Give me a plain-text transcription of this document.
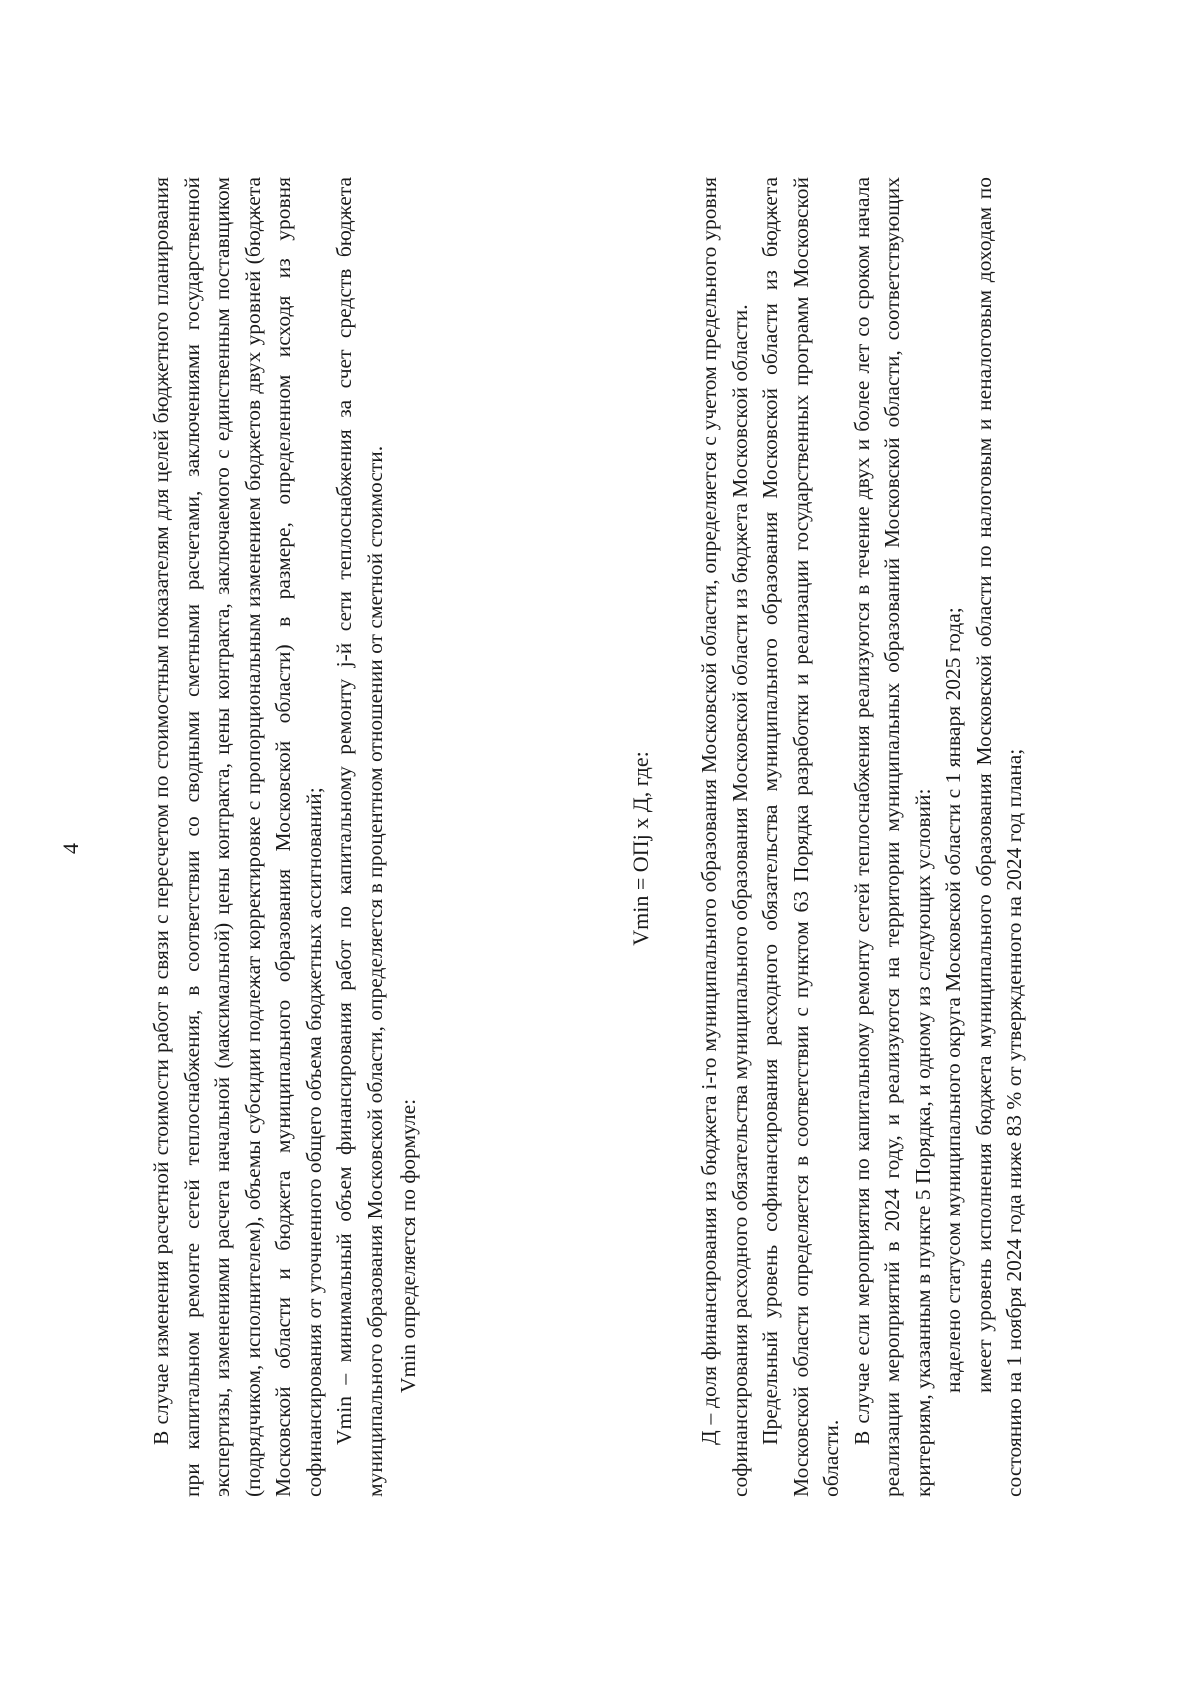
4	В случае изменения расчетной стоимости работ в связи с пересчетом по стоимостным показателям для целей бюджетного планирования при капитальном ремонте сетей теплоснабжения, в соответствии со сводными сметными расчетами, заключениями государственной экспертизы, изменениями расчета начальной (максимальной) цены контракта, цены контракта, заключаемого с единственным поставщиком (подрядчиком, исполнителем), объемы субсидии подлежат корректировке с пропорциональным изменением бюджетов двух уровней (бюджета Московской области и бюджета муниципального образования Московской области) в размере, определенном исходя из уровня софинансирования от уточненного общего объема бюджетных ассигнований; Vmin – минимальный объем финансирования работ по капитальному ремонту j-й сети теплоснабжения за счет средств бюджета муниципального образования Московской области, определяется в процентном отношении от сметной стоимости. Vmin определяется по формуле:

Vmin = ОПj х Д, где: Д – доля финансирования из бюджета i-го муниципального образования Московской области, определяется с учетом предельного уровня софинансирования расходного обязательства муниципального образования Московской области из бюджета Московской области. Предельный уровень софинансирования расходного обязательства муниципального образования Московской области из бюджета Московской области определяется в соответствии с пунктом 63 Порядка разработки и реализации государственных программ Московской области.

В случае если мероприятия по капитальному ремонту сетей теплоснабжения реализуются в течение двух и более лет со сроком начала реализации мероприятий в 2024 году, и реализуются на территории муниципальных образований Московской области, соответствующих критериям, указанным в пункте 5 Порядка, и одному из следующих условий: наделено статусом муниципального округа Московской области с 1 января 2025 года; имеет уровень исполнения бюджета муниципального образования Московской области по налоговым и неналоговым доходам по состоянию на 1 ноября 2024 года ниже 83 % от утвержденного на 2024 год плана;
